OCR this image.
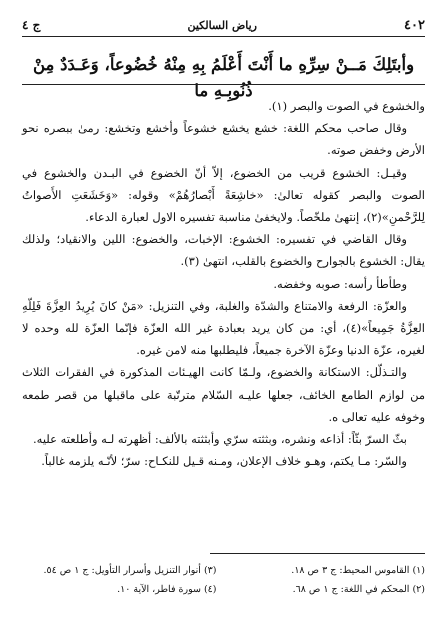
٤٠٢
رياض السالكين
ج ٤
وأبتَلِكَ مَــنْ سِرِّهِ ما أَنْتَ أَعْلَمُ بِهِ مِنْهُ خُضُوعاً، وَعَـدَدٌ مِنْ ذُنُوبِـهِ ما

والخشوع في الصوت والبصر (١).

وقال صاحب محكم اللغة: خشع يخشع خشوعاً وأخشع وتخشع: رمىٰ ببصره نحو الأرض وخفض صوته.

وقيـل: الخشوع قريب من الخضوع، إلاّ أنّ الخضوع في البـدن والخشوع في الصوت والبصر كقوله تعالىٰ: «خاشِعَةً أَبْصارُهُمْ» وقوله: «وَخَشَعَتِ الأَصواتُ لِلرَّحْمنِ»(٢)، إنتهىٰ ملخّصاً. ولايخفىٰ مناسبة تفسيره الاول لعبارة الدعاء.

وقال القاضي في تفسيره: الخشوع: الإخبات، والخضوع: اللين والانقياد؛ ولذلك يقال: الخشوع بالجوارح والخضوع بالقلب، انتهىٰ (٣).

وطأطأ رأسه: صوبه وخفضه.

والعزّة: الرفعة والامتناع والشدّة والغلبة، وفي التنزيل: «مَنْ كانَ يُرِيدُ العِزَّةَ فَلِلّهِ العِزَّةُ جَمِيعاً»(٤)، أي: من كان يريد بعبادة غير الله العزّة فإنّما العزّة لله وحده لا لغيره، عزّة الدنيا وعزّة الآخرة جميعاً، فليطلبها منه لامن غيره.

والتـذلّل: الاستكانة والخضوع، ولـمّا كانت الهيـئات المذكورة في الفقرات الثلاث من لوازم الطامع الخائف، جعلها عليـه السّلام مترتّبة على ماقبلها من قصر طمعه وخوفه عليه تعالى ه.

بثّ السرّ بثّاً: أذاعه ونشره، وبثثته سرّي وأبثثته بالألف: أظهرته لـه وأطلعته عليه.

والسّر: مـا يكتم، وهـو خلاف الإعلان، ومـنه قـيل للنكـاح: سرّ؛ لأنّـه يلزمه غالباً.

(١) القاموس المحيط: ج ٣ ص ١٨.
(٣) أنوار التنزيل وأسرار التأويل: ج ١ ص ٥٤.
(٢) المحكم في اللغة: ج ١ ص ٦٨.
(٤) سورة فاطر، الآية ١٠.
